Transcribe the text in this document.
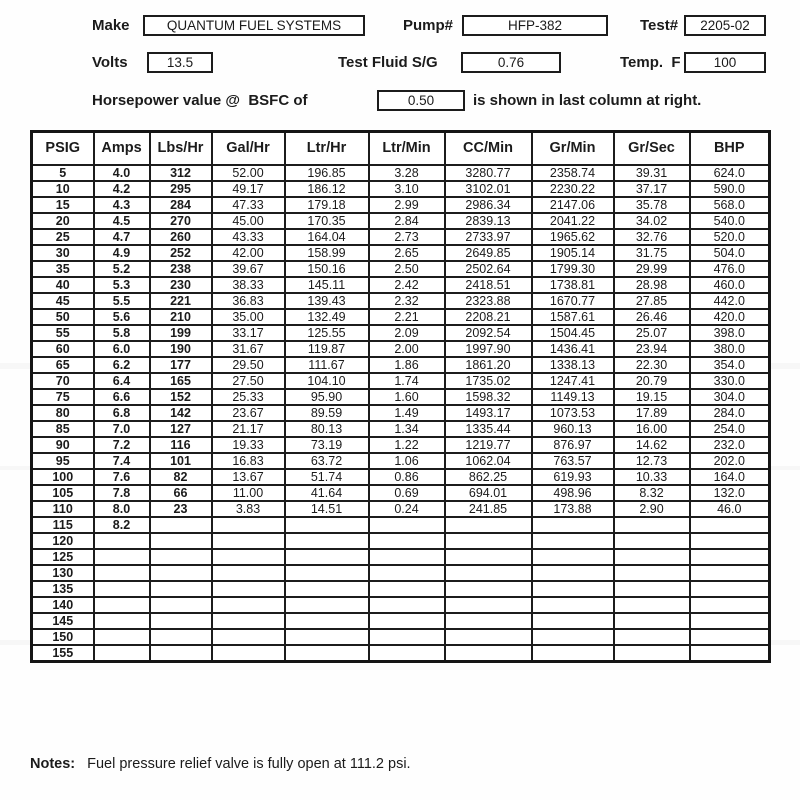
Make	QUANTUM FUEL SYSTEMS	Pump#	HFP-382	Test#	2205-02
Volts	13.5	Test Fluid S/G	0.76	Temp.  F	100
Horsepower value @  BSFC of	0.50	is shown in last column at right.
PSIG	Amps	Lbs/Hr	Gal/Hr	Ltr/Hr	Ltr/Min	CC/Min	Gr/Min	Gr/Sec	BHP
5	4.0	312	52.00	196.85	3.28	3280.77	2358.74	39.31	624.0
10	4.2	295	49.17	186.12	3.10	3102.01	2230.22	37.17	590.0
15	4.3	284	47.33	179.18	2.99	2986.34	2147.06	35.78	568.0
20	4.5	270	45.00	170.35	2.84	2839.13	2041.22	34.02	540.0
25	4.7	260	43.33	164.04	2.73	2733.97	1965.62	32.76	520.0
30	4.9	252	42.00	158.99	2.65	2649.85	1905.14	31.75	504.0
35	5.2	238	39.67	150.16	2.50	2502.64	1799.30	29.99	476.0
40	5.3	230	38.33	145.11	2.42	2418.51	1738.81	28.98	460.0
45	5.5	221	36.83	139.43	2.32	2323.88	1670.77	27.85	442.0
50	5.6	210	35.00	132.49	2.21	2208.21	1587.61	26.46	420.0
55	5.8	199	33.17	125.55	2.09	2092.54	1504.45	25.07	398.0
60	6.0	190	31.67	119.87	2.00	1997.90	1436.41	23.94	380.0
65	6.2	177	29.50	111.67	1.86	1861.20	1338.13	22.30	354.0
70	6.4	165	27.50	104.10	1.74	1735.02	1247.41	20.79	330.0
75	6.6	152	25.33	95.90	1.60	1598.32	1149.13	19.15	304.0
80	6.8	142	23.67	89.59	1.49	1493.17	1073.53	17.89	284.0
85	7.0	127	21.17	80.13	1.34	1335.44	960.13	16.00	254.0
90	7.2	116	19.33	73.19	1.22	1219.77	876.97	14.62	232.0
95	7.4	101	16.83	63.72	1.06	1062.04	763.57	12.73	202.0
100	7.6	82	13.67	51.74	0.86	862.25	619.93	10.33	164.0
105	7.8	66	11.00	41.64	0.69	694.01	498.96	8.32	132.0
110	8.0	23	3.83	14.51	0.24	241.85	173.88	2.90	46.0
115	8.2								
120									
125									
130									
135									
140									
145									
150									
155									
Notes: Fuel pressure relief valve is fully open at 111.2 psi.
